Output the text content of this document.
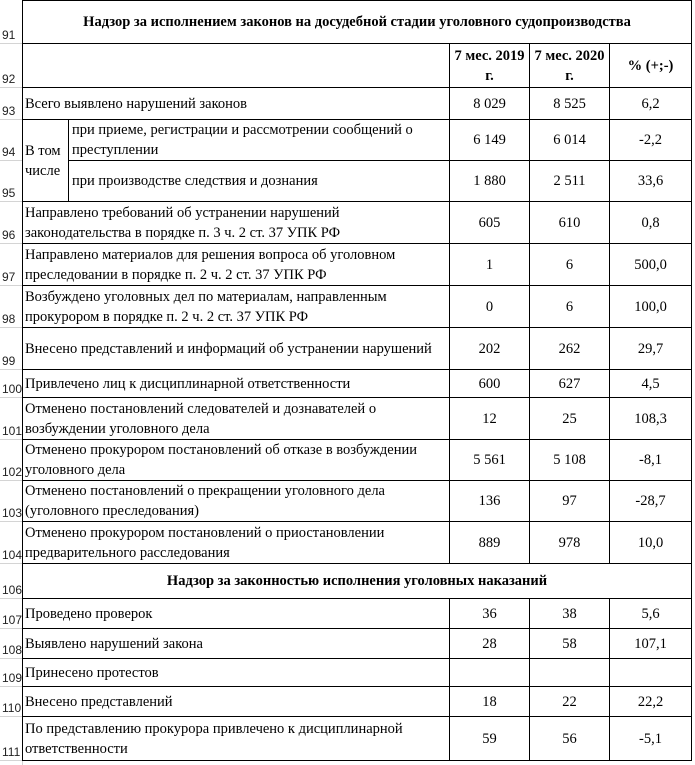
91
92
93
94
95
96
97
98
99
100
101
102
103
104
106
107
108
109
110
111
Надзор за исполнением законов на досудебной стадии уголовного судопроизводства				
		7 мес. 2019 г.	7 мес. 2020 г.	% (+;-)
Всего выявлено нарушений законов		8 029	8 525	6,2
В том числе	при приеме, регистрации и рассмотрении сообщений о преступлении	6 149	6 014	-2,2
	при производстве следствия и дознания	1 880	2 511	33,6
Направлено требований об устранении нарушений законодательства в порядке п. 3 ч. 2 ст. 37 УПК РФ		605	610	0,8
Направлено материалов для решения вопроса об уголовном преследовании в порядке п. 2 ч. 2 ст. 37 УПК РФ		1	6	500,0
Возбуждено уголовных дел по материалам, направленным прокурором в порядке п. 2 ч. 2 ст. 37 УПК РФ		0	6	100,0
Внесено представлений и информаций об устранении нарушений		202	262	29,7
Привлечено лиц к дисциплинарной ответственности		600	627	4,5
Отменено постановлений следователей и дознавателей о возбуждении уголовного дела		12	25	108,3
Отменено прокурором постановлений об отказе в возбуждении уголовного дела		5 561	5 108	-8,1
Отменено постановлений о прекращении уголовного дела (уголовного преследования)		136	97	-28,7
Отменено прокурором постановлений о приостановлении предварительного расследования		889	978	10,0
Надзор за законностью исполнения уголовных наказаний				
Проведено проверок		36	38	5,6
Выявлено нарушений закона		28	58	107,1
Принесено протестов				
Внесено представлений		18	22	22,2
По представлению прокурора привлечено к дисциплинарной ответственности		59	56	-5,1
